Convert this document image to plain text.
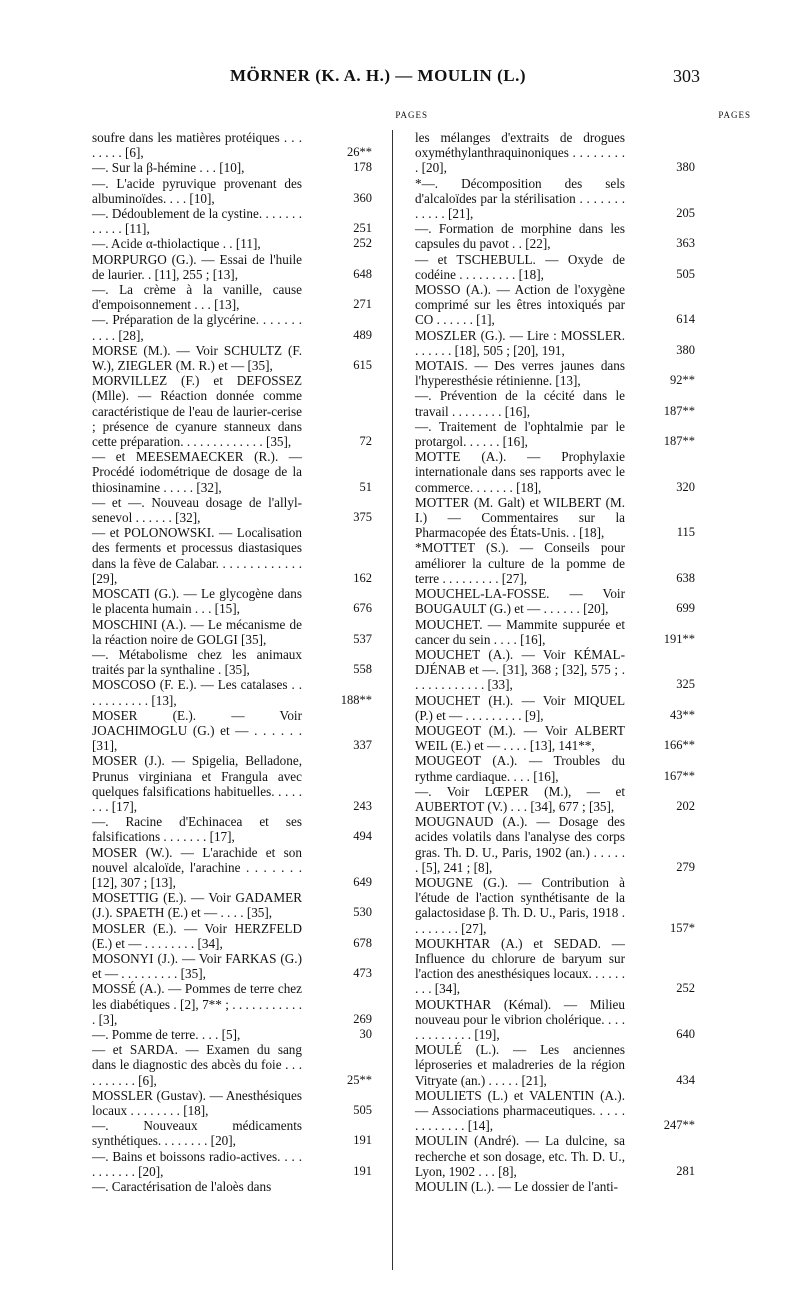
MÖRNER (K. A. H.) — MOULIN (L.)	303
PAGES
soufre dans les matières protéiques . . . . . . . . [6],	26**
—. Sur la β-hémine . . . [10],	178
—. L'acide pyruvique provenant des albuminoïdes. . . . [10],	360
—. Dédoublement de la cystine. . . . . . . . . . . . [11],	251
—. Acide α-thiolactique . . [11],	252
MORPURGO (G.). — Essai de l'huile de laurier. . [11], 255 ; [13],	648
—. La crème à la vanille, cause d'empoisonnement . . . [13],	271
—. Préparation de la glycérine. . . . . . . . . . . [28],	489
MORSE (M.). — Voir SCHULTZ (F. W.), ZIEGLER (M. R.) et — [35],	615
MORVILLEZ (F.) et DEFOSSEZ (Mlle). — Réaction donnée comme caractéristique de l'eau de laurier-cerise ; présence de cyanure stanneux dans cette préparation. . . . . . . . . . . . . [35],	72
— et MEESEMAECKER (R.). — Procédé iodométrique de dosage de la thiosinamine . . . . . [32],	51
— et —. Nouveau dosage de l'allyl-senevol . . . . . . [32],	375
— et POLONOWSKI. — Localisation des ferments et processus diastasiques dans la fève de Calabar. . . . . . . . . . . . . [29],	162
MOSCATI (G.). — Le glycogène dans le placenta humain . . . [15],	676
MOSCHINI (A.). — Le mécanisme de la réaction noire de GOLGI [35],	537
—. Métabolisme chez les animaux traités par la synthaline . [35],	558
MOSCOSO (F. E.). — Les catalases . . . . . . . . . . . [13],	188**
MOSER (E.). — Voir JOACHIMOGLU (G.) et — . . . . . . [31],	337
MOSER (J.). — Spigelia, Belladone, Prunus virginiana et Frangula avec quelques falsifications habituelles. . . . . . . . [17],	243
—. Racine d'Echinacea et ses falsifications . . . . . . . [17],	494
MOSER (W.). — L'arachide et son nouvel alcaloïde, l'arachine . . . . . . . [12], 307 ; [13],	649
MOSETTIG (E.). — Voir GADAMER (J.). SPAETH (E.) et — . . . . [35],	530
MOSLER (E.). — Voir HERZFELD (E.) et — . . . . . . . . [34],	678
MOSONYI (J.). — Voir FARKAS (G.) et — . . . . . . . . . [35],	473
MOSSÉ (A.). — Pommes de terre chez les diabétiques . [2], 7** ; . . . . . . . . . . . . [3],	269
—. Pomme de terre. . . . [5],	30
— et SARDA. — Examen du sang dans le diagnostic des abcès du foie . . . . . . . . . . [6],	25**
MOSSLER (Gustav). — Anesthésiques locaux . . . . . . . . [18],	505
—. Nouveaux médicaments synthétiques. . . . . . . . [20],	191
—. Bains et boissons radio-actives. . . . . . . . . . . [20],	191
—. Caractérisation de l'aloès dans
PAGES
les mélanges d'extraits de drogues oxyméthylanthraquinoniques . . . . . . . . . [20],	380
*—. Décomposition des sels d'alcaloïdes par la stérilisation . . . . . . . . . . . . [21],	205
—. Formation de morphine dans les capsules du pavot . . [22],	363
— et TSCHEBULL. — Oxyde de codéine . . . . . . . . . [18],	505
MOSSO (A.). — Action de l'oxygène comprimé sur les êtres intoxiqués par CO . . . . . . [1],	614
MOSZLER (G.). — Lire : MOSSLER. . . . . . . [18], 505 ; [20], 191,	380
MOTAIS. — Des verres jaunes dans l'hyperesthésie rétinienne. [13],	92**
—. Prévention de la cécité dans le travail . . . . . . . . [16],	187**
—. Traitement de l'ophtalmie par le protargol. . . . . . [16],	187**
MOTTE (A.). — Prophylaxie internationale dans ses rapports avec le commerce. . . . . . . [18],	320
MOTTER (M. Galt) et WILBERT (M. I.) — Commentaires sur la Pharmacopée des États-Unis. . [18],	115
*MOTTET (S.). — Conseils pour améliorer la culture de la pomme de terre . . . . . . . . . [27],	638
MOUCHEL-LA-FOSSE. — Voir BOUGAULT (G.) et — . . . . . . [20],	699
MOUCHET. — Mammite suppurée et cancer du sein . . . . [16],	191**
MOUCHET (A.). — Voir KÉMAL-DJÉNAB et —. [31], 368 ; [32], 575 ; . . . . . . . . . . . . [33],	325
MOUCHET (H.). — Voir MIQUEL (P.) et — . . . . . . . . . [9],	43**
MOUGEOT (M.). — Voir ALBERT WEIL (E.) et — . . . . [13], 141**,	166**
MOUGEOT (A.). — Troubles du rythme cardiaque. . . . [16],	167**
—. Voir LŒPER (M.), — et AUBERTOT (V.) . . . [34], 677 ; [35],	202
MOUGNAUD (A.). — Dosage des acides volatils dans l'analyse des corps gras. Th. D. U., Paris, 1902 (an.) . . . . . . [5], 241 ; [8],	279
MOUGNE (G.). — Contribution à l'étude de l'action synthétisante de la galactosidase β. Th. D. U., Paris, 1918 . . . . . . . . [27],	157*
MOUKHTAR (A.) et SEDAD. — Influence du chlorure de baryum sur l'action des anesthésiques locaux. . . . . . . . . [34],	252
MOUKTHAR (Kémal). — Milieu nouveau pour le vibrion cholérique. . . . . . . . . . . . . [19],	640
MOULÉ (L.). — Les anciennes léproseries et maladreries de la région Vitryate (an.) . . . . . [21],	434
MOULIETS (L.) et VALENTIN (A.). — Associations pharmaceutiques. . . . . . . . . . . . . [14],	247**
MOULIN (André). — La dulcine, sa recherche et son dosage, etc. Th. D. U., Lyon, 1902 . . . [8],	281
MOULIN (L.). — Le dossier de l'anti-
